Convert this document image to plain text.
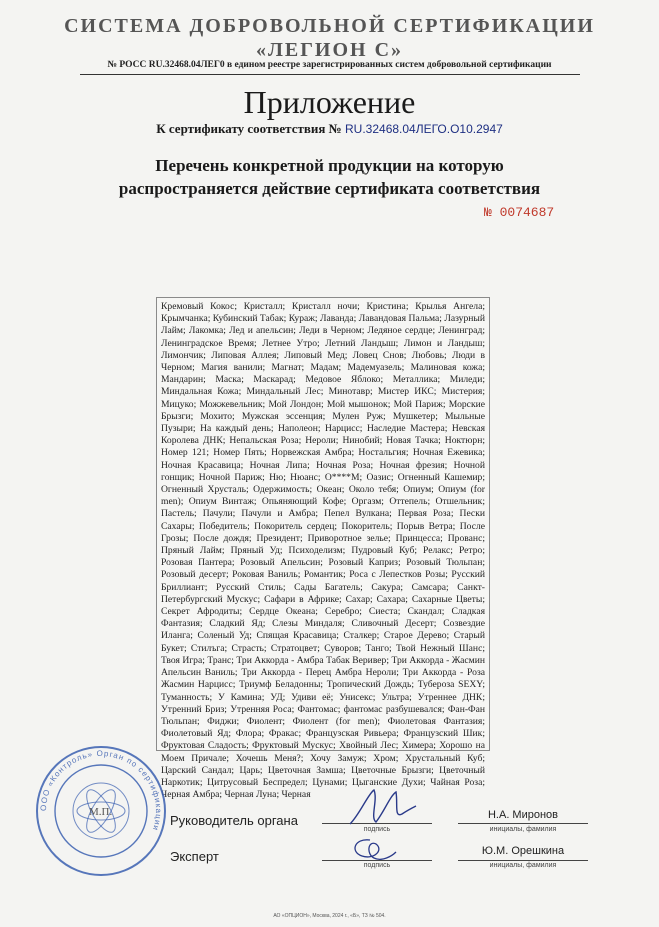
СИСТЕМА ДОБРОВОЛЬНОЙ СЕРТИФИКАЦИИ
«ЛЕГИОН С»
№ РОСС RU.32468.04ЛЕГ0 в едином реестре зарегистрированных систем добровольной сертификации
Приложение
К сертификату соответствия № RU.32468.04ЛЕГО.О10.2947
Перечень конкретной продукции на которую
распространяется действие сертификата соответствия
№ 0074687

Кремовый Кокос; Кристалл; Кристалл ночи; Кристина; Крылья Ангела; Крымчанка; Кубинский Табак; Кураж; Лаванда; Лавандовая Пальма; Лазурный Лайм; Лакомка; Лед и апельсин; Леди в Черном; Ледяное сердце; Ленинград; Ленинградское Время; Летнее Утро; Летний Ландыш; Лимон и Ландыш; Лимончик; Липовая Аллея; Липовый Мед; Ловец Снов; Любовь; Люди в Черном; Магия ванили; Магнат; Мадам; Мадемуазель; Малиновая кожа; Мандарин; Маска; Маскарад; Медовое Яблоко; Металлика; Миледи; Миндальная Кожа; Миндальный Лес; Минотавр; Мистер ИКС; Мистерия; Мицуко; Можжевельник; Мой Лондон; Мой мышонок; Мой Париж; Морские Брызги; Мохито; Мужская эссенция; Мулен Руж; Мушкетер; Мыльные Пузыри; На каждый день; Наполеон; Нарцисс; Наследие Мастера; Невская Королева ДНК; Непальская Роза; Нероли; Нинобий; Новая Тачка; Ноктюрн; Номер 121; Номер Пять; Норвежская Амбра; Ностальгия; Ночная Ежевика; Ночная Красавица; Ночная Липа; Ночная Роза; Ночная фрезия; Ночной гонщик; Ночной Париж; Ню; Нюанс; О****М; Оазис; Огненный Кашемир; Огненный Хрусталь; Одержимость; Океан; Около тебя; Опиум; Опиум (for men); Опиум Винтаж; Опьяняющий Кофе; Оргазм; Оттепель; Отшельник; Пастель; Пачули; Пачули и Амбра; Пепел Вулкана; Первая Роза; Пески Сахары; Победитель; Покоритель сердец; Покоритель; Порыв Ветра; После Грозы; После дождя; Президент; Приворотное зелье; Принцесса; Прованс; Пряный Лайм; Пряный Уд; Психоделизм; Пудровый Куб; Релакс; Ретро; Розовая Пантера; Розовый Апельсин; Розовый Каприз; Розовый Тюльпан; Розовый десерт; Роковая Ваниль; Романтик; Роса с Лепестков Розы; Русский Бриллиант; Русский Стиль; Сады Багатель; Сакура; Самсара; Санкт-Петербургский Мускус; Сафари в Африке; Сахар; Сахара; Сахарные Цветы; Секрет Афродиты; Сердце Океана; Серебро; Сиеста; Скандал; Сладкая Фантазия; Сладкий Яд; Слезы Миндаля; Сливочный Десерт; Созвездие Иланга; Соленый Уд; Спящая Красавица; Сталкер; Старое Дерево; Старый Букет; Стилъга; Страсть; Стратоцвет; Суворов; Танго; Твой Нежный Шанс; Твоя Игра; Транс; Три Аккорда - Амбра Табак Веривер; Три Аккорда - Жасмин Апельсин Ваниль; Три Аккорда - Перец Амбра Нероли; Три Аккорда - Роза Жасмин Нарцисс; Триумф Беладонны; Тропический Дождь; Тубероза SEXY; Туманность; У Камина; УД; Удиви её; Унисекс; Ультра; Утреннее ДНК; Утренний Бриз; Утренняя Роса; Фантомас; фантомас разбушевался; Фан-Фан Тюльпан; Фиджи; Фиолент; Фиолент (for men); Фиолетовая Фантазия; Фиолетовый Яд; Флора; Фракас; Французская Ривьера; Французский Шик; Фруктовая Сладость; Фруктовый Мускус; Хвойный Лес; Химера; Хорошо на Моем Причале; Хочешь Меня?; Хочу Замуж; Хром; Хрустальный Куб; Царский Сандал; Царь; Цветочная Замша; Цветочные Брызги; Цветочный Наркотик; Цитрусовый Беспредел; Цунами; Цыганские Духи; Чайная Роза; Черная Амбра; Черная Луна; Черная

ООО «Контроль» Орган по сертификации
М.П.
Руководитель органа
подпись
Н.А. Миронов
инициалы, фамилия
Эксперт
подпись
Ю.М. Орешкина
инициалы, фамилия
АО «ОПЦИОН», Москва, 2024 г., «Б», ТЗ № 504.
